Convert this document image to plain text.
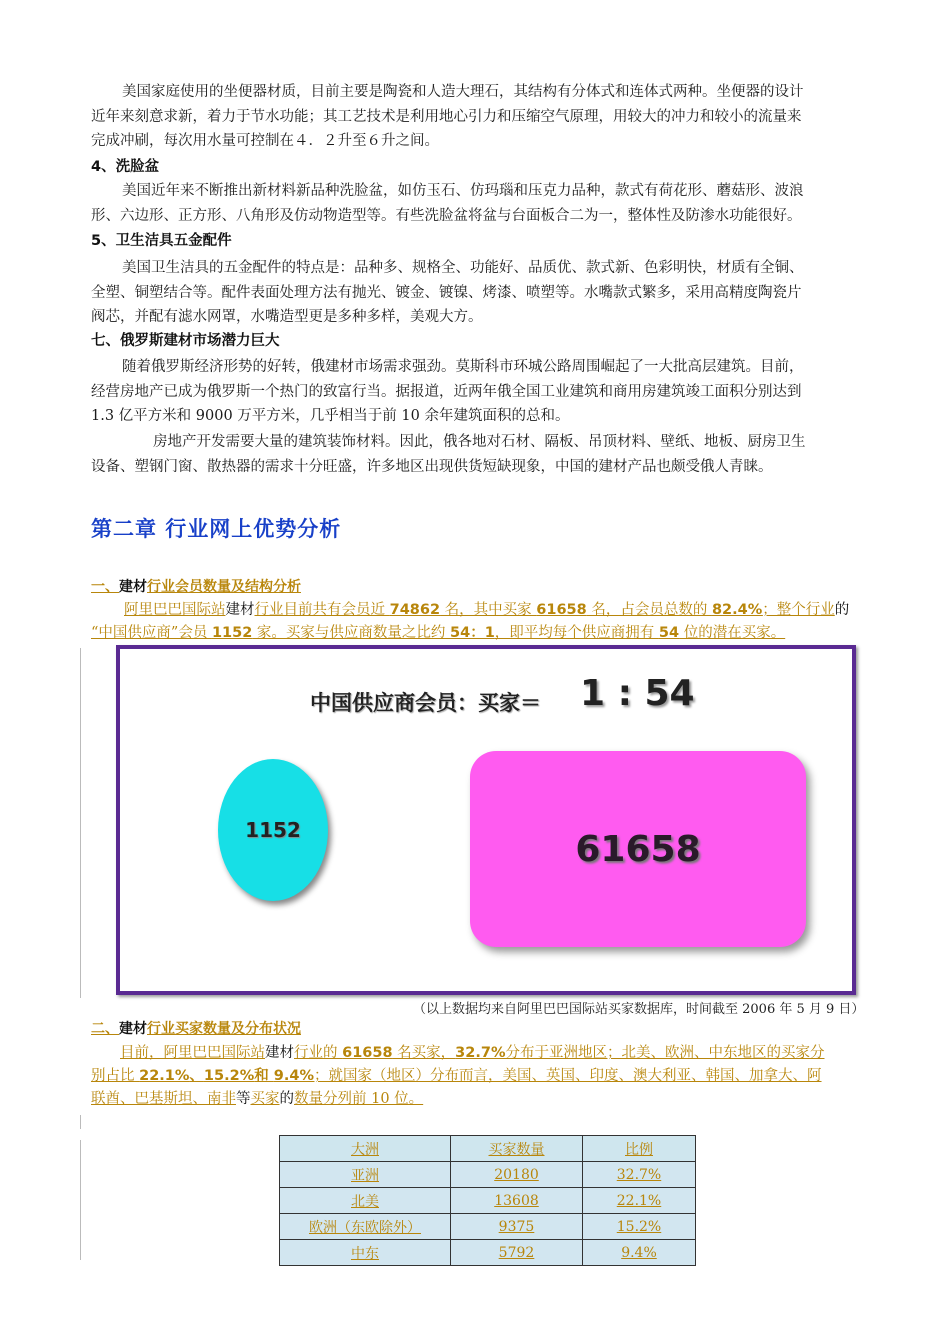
美国家庭使用的坐便器材质，目前主要是陶瓷和人造大理石，其结构有分体式和连体式两种。坐便器的设计
近年来刻意求新，着力于节水功能；其工艺技术是利用地心引力和压缩空气原理，用较大的冲力和较小的流量来
完成冲刷，每次用水量可控制在４．２升至６升之间。
4、洗脸盆
美国近年来不断推出新材料新品种洗脸盆，如仿玉石、仿玛瑙和压克力品种，款式有荷花形、蘑菇形、波浪
形、六边形、正方形、八角形及仿动物造型等。有些洗脸盆将盆与台面板合二为一，整体性及防渗水功能很好。
5、卫生洁具五金配件
美国卫生洁具的五金配件的特点是：品种多、规格全、功能好、品质优、款式新、色彩明快，材质有全铜、
全塑、铜塑结合等。配件表面处理方法有抛光、镀金、镀镍、烤漆、喷塑等。水嘴款式繁多，采用高精度陶瓷片
阀芯，并配有滤水网罩，水嘴造型更是多种多样，美观大方。
七、俄罗斯建材市场潜力巨大
随着俄罗斯经济形势的好转，俄建材市场需求强劲。莫斯科市环城公路周围崛起了一大批高层建筑。目前，
经营房地产已成为俄罗斯一个热门的致富行当。据报道，近两年俄全国工业建筑和商用房建筑竣工面积分别达到
1.3 亿平方米和 9000 万平方米，几乎相当于前 10 余年建筑面积的总和。
房地产开发需要大量的建筑装饰材料。因此，俄各地对石材、隔板、吊顶材料、壁纸、地板、厨房卫生
设备、塑钢门窗、散热器的需求十分旺盛，许多地区出现供货短缺现象，中国的建材产品也颇受俄人青睐。
第二章 行业网上优势分析
一、建材行业会员数量及结构分析
阿里巴巴国际站建材行业目前共有会员近 74862 名，其中买家 61658 名，占会员总数的 82.4%；整个行业的
“中国供应商”会员 1152 家。买家与供应商数量之比约 54：1，即平均每个供应商拥有 54 位的潜在买家。
中国供应商会员：买家＝ 1 : 54
1152	61658
（以上数据均来自阿里巴巴国际站买家数据库，时间截至 2006 年 5 月 9 日）
二、建材行业买家数量及分布状况
目前，阿里巴巴国际站建材行业的 61658 名买家，32.7%分布于亚洲地区；北美、欧洲、中东地区的买家分
别占比 22.1%、15.2%和 9.4%；就国家（地区）分布而言，美国、英国、印度、澳大利亚、韩国、加拿大、阿
联酋、巴基斯坦、南非等买家的数量分列前 10 位。
大洲	买家数量	比例
亚洲	20180	32.7%
北美	13608	22.1%
欧洲（东欧除外）	9375	15.2%
中东	5792	9.4%
